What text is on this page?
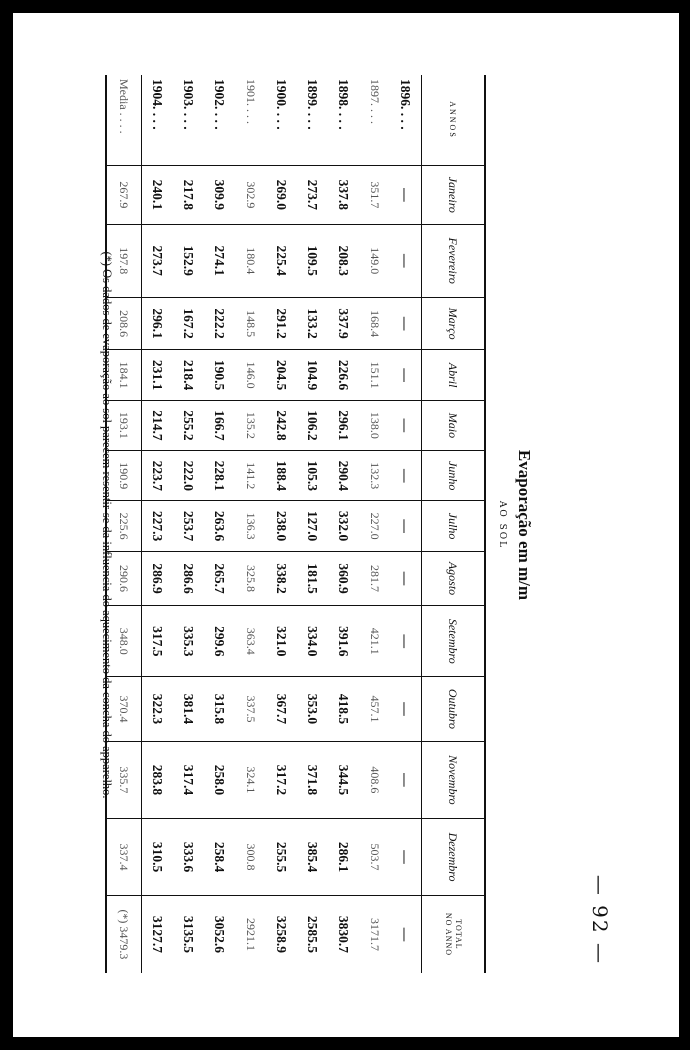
— 92 —
Evaporação em m/m
AO SOL
ANNOS	Janeiro	Fevereiro	Março	Abril	Maio	Junho	Julho	Agosto	Setembro	Outubro	Novembro	Dezembro	TOTAL
NO ANNO
1896. . . .	—	—	—	—	—	—	—	—	—	—	—	—	—
1897. . . .	351.7	149.0	168.4	151.1	138.0	132.3	227.0	281.7	421.1	457.1	408.6	503.7	3171.7
1898. . . .	337.8	208.3	337.9	226.6	296.1	290.4	332.0	360.9	391.6	418.5	344.5	286.1	3830.7
1899. . . .	273.7	109.5	133.2	104.9	106.2	105.3	127.0	181.5	334.0	353.0	371.8	385.4	2585.5
1900. . . .	269.0	225.4	291.2	204.5	242.8	188.4	238.0	338.2	321.0	367.7	317.2	255.5	3258.9
1901. . . .	302.9	180.4	148.5	146.0	135.2	141.2	136.3	325.8	363.4	337.5	324.1	300.8	2921.1
1902. . . .	309.9	274.1	222.2	190.5	166.7	228.1	263.6	265.7	299.6	315.8	258.0	258.4	3052.6
1903. . . .	217.8	152.9	167.2	218.4	255.2	222.0	253.7	286.6	335.3	381.4	317.4	333.6	3135.5
1904. . . .	240.1	273.7	296.1	231.1	214.7	223.7	227.3	286.9	317.5	322.3	283.8	310.5	3127.7
Media . . . .	267.9	197.8	208.6	184.1	193.1	190.9	225.6	290.6	348.0	370.4	335.7	337.4	(*) 3479.3
(*) Os dados de evaporação ao sol parecem resentir-se da influencia do aquecimento da concha do apparelho.
